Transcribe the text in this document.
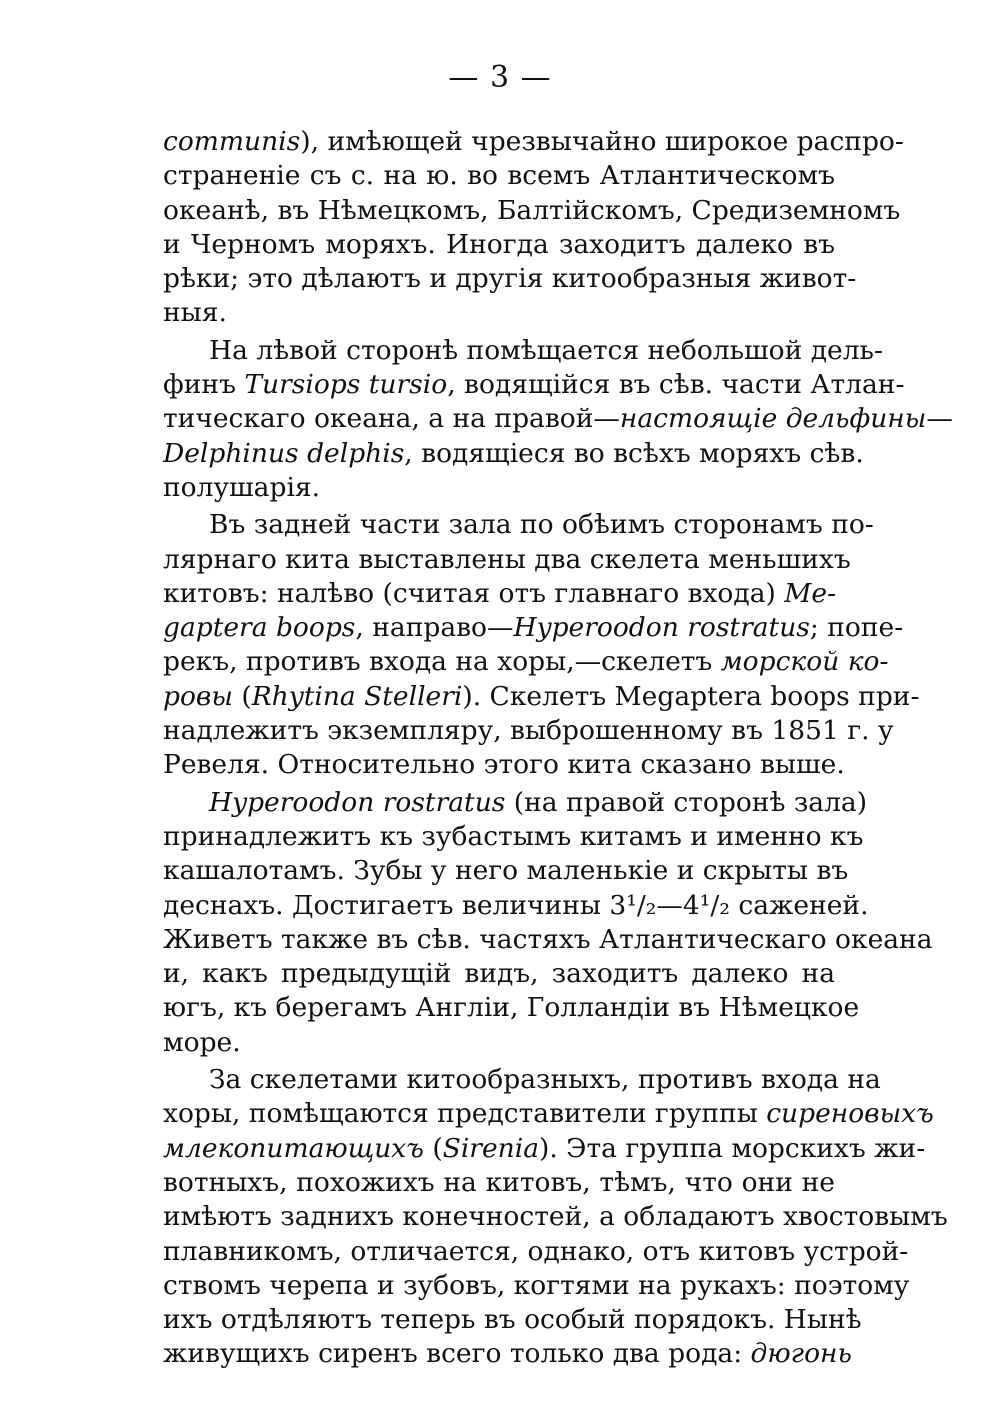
— 3 —
communis), имѣющей чрезвычайно широкое распро-
страненіе съ с. на ю. во всемъ Атлантическомъ
океанѣ, въ Нѣмецкомъ, Балтійскомъ, Средиземномъ
и Черномъ моряхъ. Иногда заходитъ далеко въ
рѣки; это дѣлаютъ и другія китообразныя живот-
ныя.
На лѣвой сторонѣ помѣщается небольшой дель-
финъ Tursiops tursio, водящійся въ сѣв. части Атлан-
тическаго океана, а на правой—настоящіе дельфины—
Delphinus delphis, водящіеся во всѣхъ моряхъ сѣв.
полушарія.
Въ задней части зала по обѣимъ сторонамъ по-
лярнаго кита выставлены два скелета меньшихъ
китовъ: налѣво (считая отъ главнаго входа) Me-
gaptera boops, направо—Hyperoodon rostratus; попе-
рекъ, противъ входа на хоры,—скелетъ морской ко-
ровы (Rhytina Stelleri). Скелетъ Megaptera boops при-
надлежитъ экземпляру, выброшенному въ 1851 г. у
Ревеля. Относительно этого кита сказано выше.
Hyperoodon rostratus (на правой сторонѣ зала)
принадлежитъ къ зубастымъ китамъ и именно къ
кашалотамъ. Зубы у него маленькіе и скрыты въ
деснахъ. Достигаетъ величины 3¹/₂—4¹/₂ саженей.
Живетъ также въ сѣв. частяхъ Атлантическаго океана
и, какъ предыдущій видъ, заходитъ далеко на
югъ, къ берегамъ Англіи, Голландіи въ Нѣмецкое
море.
За скелетами китообразныхъ, противъ входа на
хоры, помѣщаются представители группы сиреновыхъ
млекопитающихъ (Sirenia). Эта группа морскихъ жи-
вотныхъ, похожихъ на китовъ, тѣмъ, что они не
имѣютъ заднихъ конечностей, а обладаютъ хвостовымъ
плавникомъ, отличается, однако, отъ китовъ устрой-
ствомъ черепа и зубовъ, когтями на рукахъ: поэтому
ихъ отдѣляютъ теперь въ особый порядокъ. Нынѣ
живущихъ сиренъ всего только два рода: дюгонь
